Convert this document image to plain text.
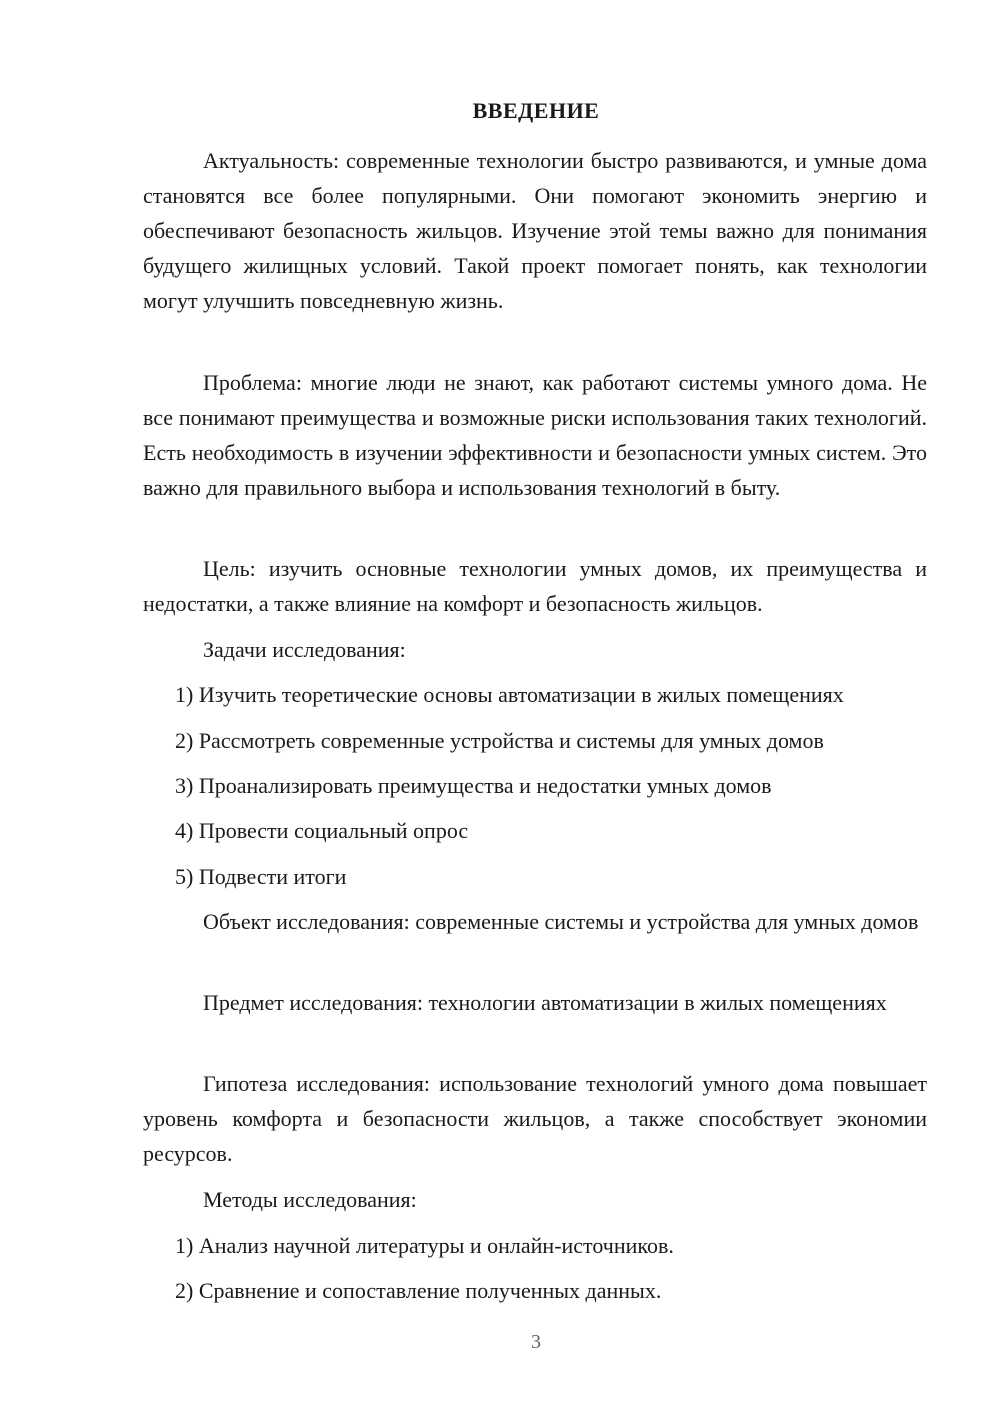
ВВЕДЕНИЕ

Актуальность: современные технологии быстро развиваются, и умные дома становятся все более популярными. Они помогают экономить энергию и обеспечивают безопасность жильцов. Изучение этой темы важно для понимания будущего жилищных условий. Такой проект помогает понять, как технологии могут улучшить повседневную жизнь.

Проблема: многие люди не знают, как работают системы умного дома. Не все понимают преимущества и возможные риски использования таких технологий. Есть необходимость в изучении эффективности и безопасности умных систем. Это важно для правильного выбора и использования технологий в быту.

Цель: изучить основные технологии умных домов, их преимущества и недостатки, а также влияние на комфорт и безопасность жильцов.

Задачи исследования:

1) Изучить теоретические основы автоматизации в жилых помещениях

2) Рассмотреть современные устройства и системы для умных домов

3) Проанализировать преимущества и недостатки умных домов

4) Провести социальный опрос

5) Подвести итоги

Объект исследования: современные системы и устройства для умных домов

Предмет исследования: технологии автоматизации в жилых помещениях

Гипотеза исследования: использование технологий умного дома повышает уровень комфорта и безопасности жильцов, а также способствует экономии ресурсов.

Методы исследования:

1) Анализ научной литературы и онлайн-источников.

2) Сравнение и сопоставление полученных данных.

3
